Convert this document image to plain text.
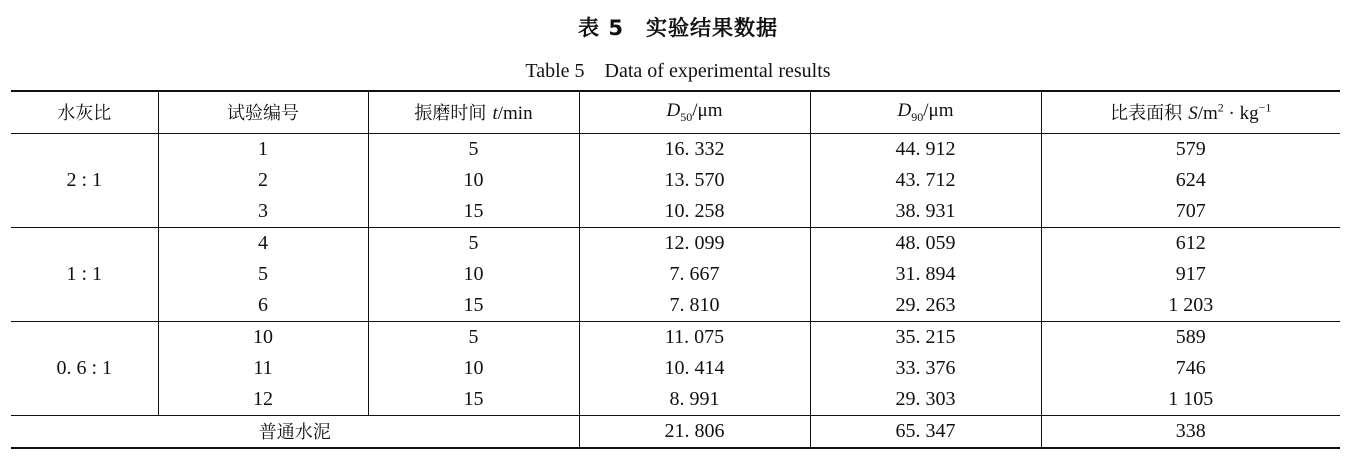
表 5　实验结果数据
Table 5　Data of experimental results
水灰比	试验编号	振磨时间 t/min	$D_{50}/\mu m$	$D_{90}/\mu m$	比表面积 $S/m^2 \cdot kg^{-1}$
2 : 1	1	5	16. 332	44. 912	579
	2	10	13. 570	43. 712	624
	3	15	10. 258	38. 931	707
1 : 1	4	5	12. 099	48. 059	612
	5	10	7. 667	31. 894	917
	6	15	7. 810	29. 263	1 203
0. 6 : 1	10	5	11. 075	35. 215	589
	11	10	10. 414	33. 376	746
	12	15	8. 991	29. 303	1 105
普通水泥			21. 806	65. 347	338
